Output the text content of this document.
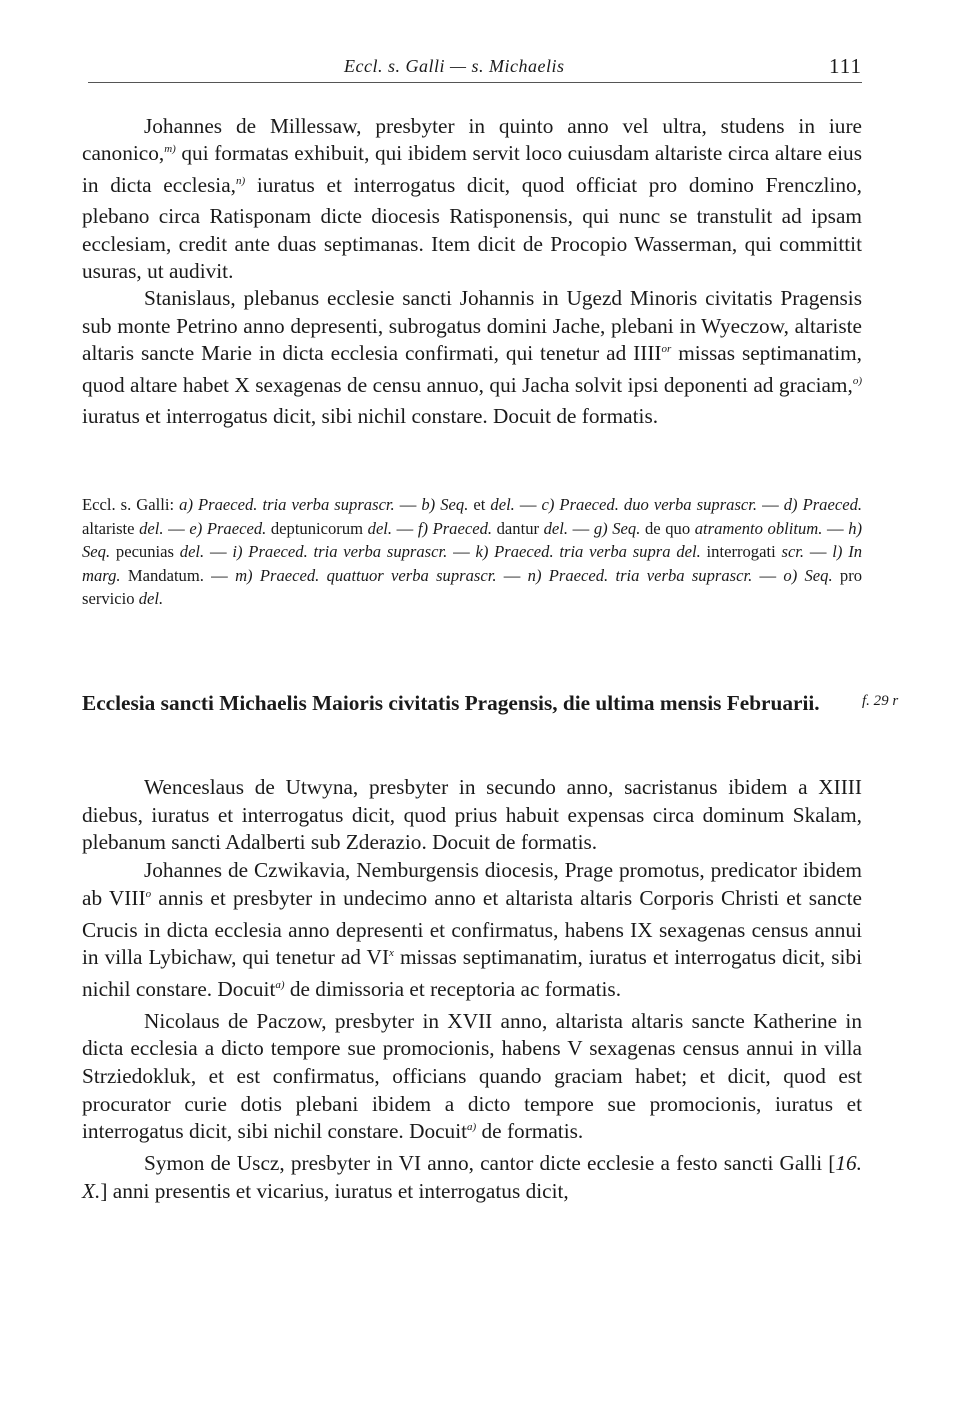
Eccl. s. Galli — s. Michaelis	111

Johannes de Millessaw, presbyter in quinto anno vel ultra, studens in iure canonico,$^{m)}$ qui formatas exhibuit, qui ibidem servit loco cuiusdam altariste circa altare eius in dicta ecclesia,$^{n)}$ iuratus et interrogatus dicit, quod officiat pro domino Frenczlino, plebano circa Ratisponam dicte diocesis Ratisponensis, qui nunc se transtulit ad ipsam ecclesiam, credit ante duas septimanas. Item dicit de Procopio Wasserman, qui committit usuras, ut audivit.

Stanislaus, plebanus ecclesie sancti Johannis in Ugezd Minoris civitatis Pragensis sub monte Petrino anno depresenti, subrogatus domini Jache, plebani in Wyeczow, altariste altaris sancte Marie in dicta ecclesia confirmati, qui tenetur ad $IIII^{or}$ missas septimanatim, quod altare habet X sexagenas de censu annuo, qui Jacha solvit ipsi deponenti ad graciam,$^{o)}$ iuratus et interrogatus dicit, sibi nichil constare. Docuit de formatis.

Eccl. s. Galli: a) Praeced. tria verba suprascr. — b) Seq. et del. — c) Praeced. duo verba suprascr. — d) Praeced. altariste del. — e) Praeced. deptunicorum del. — f) Praeced. dantur del. — g) Seq. de quo atramento oblitum. — h) Seq. pecunias del. — i) Praeced. tria verba suprascr. — k) Praeced. tria verba supra del. interrogati scr. — l) In marg. Mandatum. — m) Praeced. quattuor verba suprascr. — n) Praeced. tria verba suprascr. — o) Seq. pro servicio del.

Ecclesia sancti Michaelis Maioris civitatis Pragensis, die ultima mensis Februarii.

Wenceslaus de Utwyna, presbyter in secundo anno, sacristanus ibidem a XIIII diebus, iuratus et interrogatus dicit, quod prius habuit expensas circa dominum Skalam, plebanum sancti Adalberti sub Zderazio. Docuit de formatis.

Johannes de Czwikavia, Nemburgensis diocesis, Prage promotus, predicator ibidem ab VIII$^o$ annis et presbyter in undecimo anno et altarista altaris Corporis Christi et sancte Crucis in dicta ecclesia anno depresenti et confirmatus, habens IX sexagenas census annui in villa Lybichaw, qui tenetur ad $VI^x$ missas septimanatim, iuratus et interrogatus dicit, sibi nichil constare. Docuit$^{a)}$ de dimissoria et receptoria ac formatis.

Nicolaus de Paczow, presbyter in XVII anno, altarista altaris sancte Katherine in dicta ecclesia a dicto tempore sue promocionis, habens V sexagenas census annui in villa Strziedokluk, et est confirmatus, officians quando graciam habet; et dicit, quod est procurator curie dotis plebani ibidem a dicto tempore sue promocionis, iuratus et interrogatus dicit, sibi nichil constare. Docuit$^{a)}$ de formatis.

Symon de Uscz, presbyter in VI anno, cantor dicte ecclesie a festo sancti Galli [16. X.] anni presentis et vicarius, iuratus et interrogatus dicit,

f. 29 r
